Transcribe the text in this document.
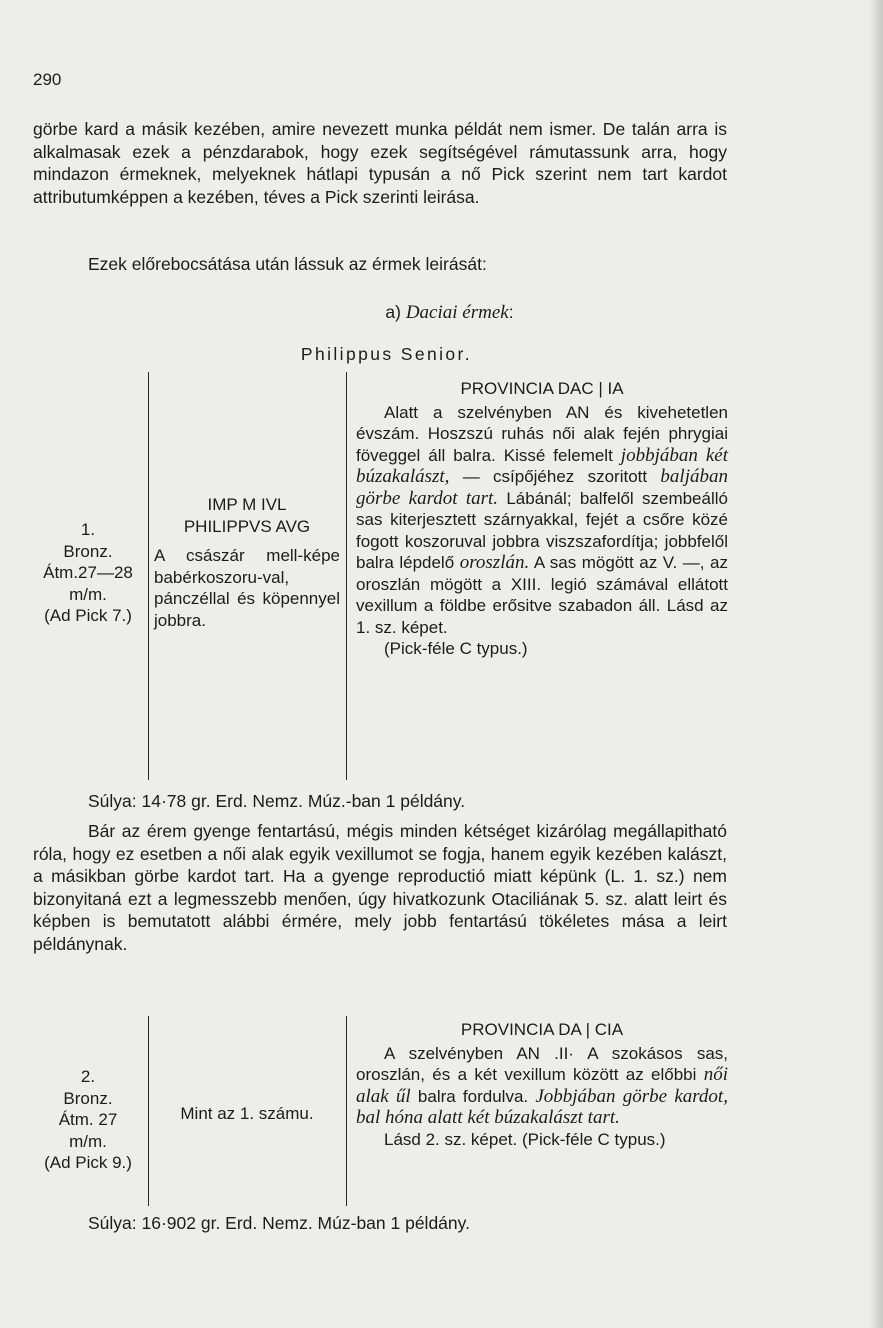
290

görbe kard a másik kezében, amire nevezett munka példát nem ismer. De talán arra is alkalmasak ezek a pénzdarabok, hogy ezek segítségével rámutassunk arra, hogy mindazon érmeknek, melyeknek hátlapi typusán a nő Pick szerint nem tart kardot attributumképpen a kezében, téves a Pick szerinti leirása.

Ezek előrebocsátása után lássuk az érmek leirását:

a) Daciai érmek:
Philippus Senior.
1.
Bronz.
Átm.27—28
m/m.
(Ad Pick 7.)
IMP M IVL
PHILIPPVS AVG
A császár mell-képe babérkoszoru-val, pánczéllal és köpennyel jobbra.
PROVINCIA DAC | IA

Alatt a szelvényben AN és kivehetetlen évszám. Hoszszú ruhás női alak fején phrygiai föveggel áll balra. Kissé felemelt jobbjában két búzakalászt, — csípőjéhez szoritott baljában görbe kardot tart. Lábánál; balfelől szembeálló sas kiterjesztett szárnyakkal, fejét a csőre közé fogott koszoruval jobbra viszszafordítja; jobbfelől balra lépdelő oroszlán. A sas mögött az V. —, az oroszlán mögött a XIII. legió számával ellátott vexillum a földbe erősitve szabadon áll. Lásd az 1. sz. képet.

(Pick-féle C typus.)

Súlya: 14·78 gr. Erd. Nemz. Múz.-ban 1 példány.

Bár az érem gyenge fentartású, mégis minden kétséget kizárólag megállapitható róla, hogy ez esetben a női alak egyik vexillumot se fogja, hanem egyik kezében kalászt, a másikban görbe kardot tart. Ha a gyenge reproductió miatt képünk (L. 1. sz.) nem bizonyitaná ezt a legmesszebb menően, úgy hivatkozunk Otaciliának 5. sz. alatt leirt és képben is bemutatott alábbi érmére, mely jobb fentartású tökéletes mása a leirt példánynak.

2.
Bronz.
Átm. 27
m/m.
(Ad Pick 9.)
Mint az 1. számu.
PROVINCIA DA | CIA

A szelvényben AN .II· A szokásos sas, oroszlán, és a két vexillum között az előbbi női alak űl balra fordulva. Jobbjában görbe kardot, bal hóna alatt két búzakalászt tart.

Lásd 2. sz. képet. (Pick-féle C typus.)

Súlya: 16·902 gr. Erd. Nemz. Múz-ban 1 példány.
